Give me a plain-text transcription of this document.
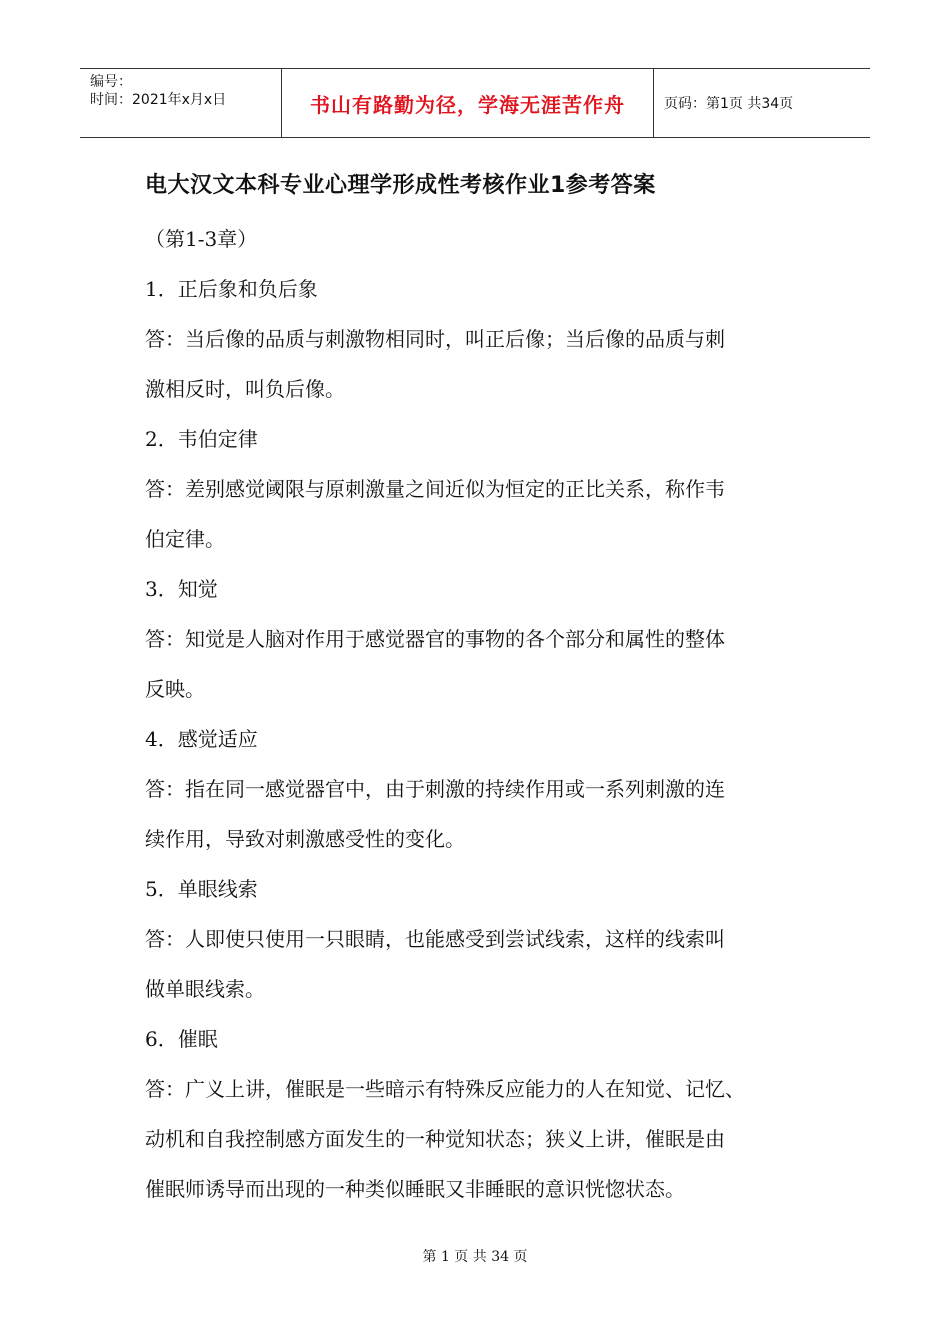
编号：
时间：2021年x月x日	书山有路勤为径，学海无涯苦作舟	页码：第1页 共34页
电大汉文本科专业心理学形成性考核作业1参考答案
（第1-3章）
1．正后象和负后象
答：当后像的品质与刺激物相同时，叫正后像；当后像的品质与刺
激相反时，叫负后像。
2．韦伯定律
答：差别感觉阈限与原刺激量之间近似为恒定的正比关系，称作韦
伯定律。
3．知觉
答：知觉是人脑对作用于感觉器官的事物的各个部分和属性的整体
反映。
4．感觉适应
答：指在同一感觉器官中，由于刺激的持续作用或一系列刺激的连
续作用，导致对刺激感受性的变化。
5．单眼线索
答：人即使只使用一只眼睛，也能感受到尝试线索，这样的线索叫
做单眼线索。
6．催眠
答：广义上讲，催眠是一些暗示有特殊反应能力的人在知觉、记忆、
动机和自我控制感方面发生的一种觉知状态；狭义上讲，催眠是由
催眠师诱导而出现的一种类似睡眠又非睡眠的意识恍惚状态。
第 1 页 共 34 页
